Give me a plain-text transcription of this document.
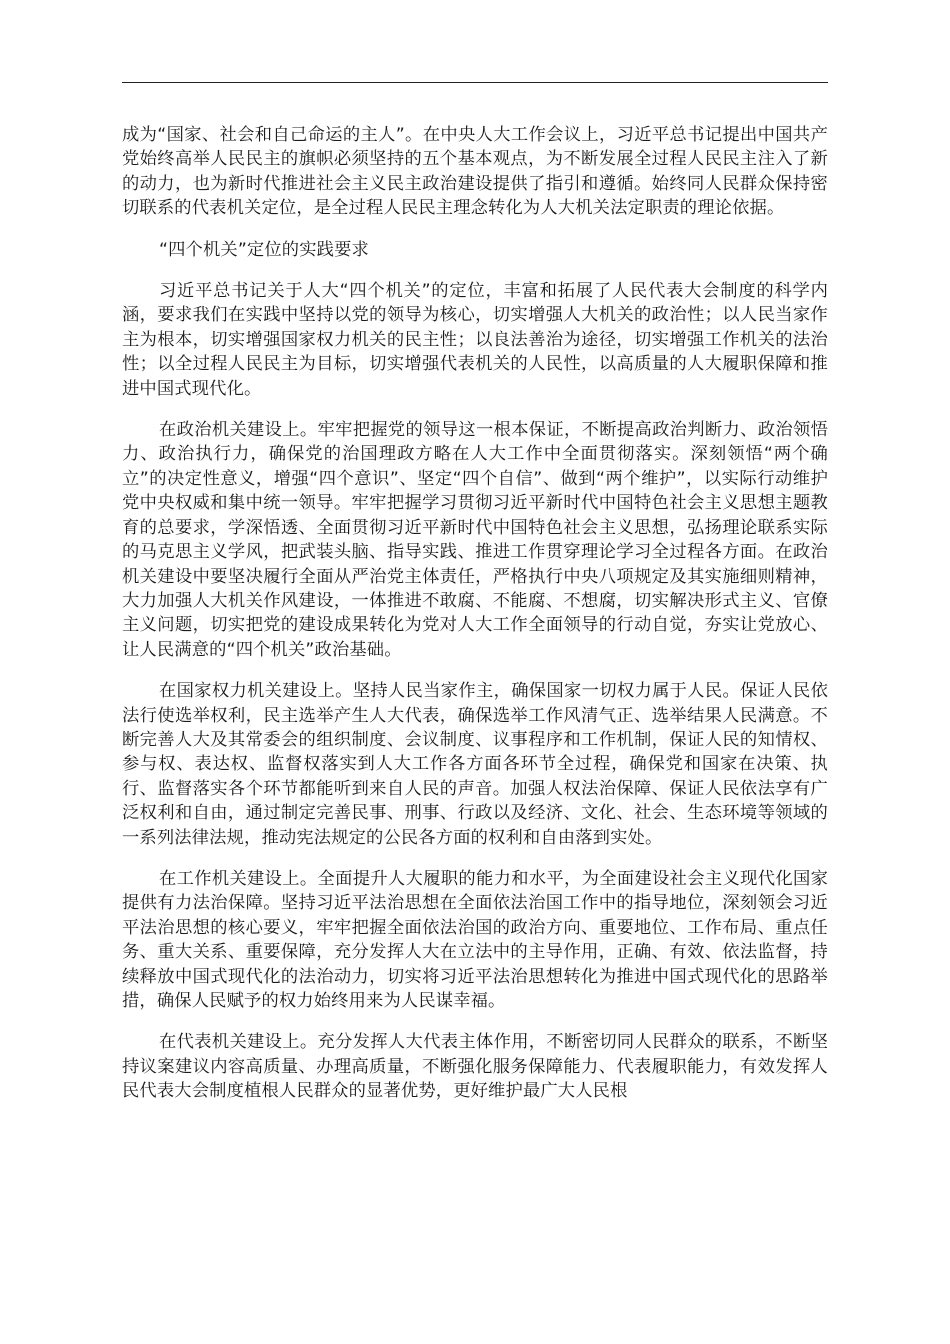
成为“国家、社会和自己命运的主人”。在中央人大工作会议上，习近平总书记提出中国共产党始终高举人民民主的旗帜必须坚持的五个基本观点，为不断发展全过程人民民主注入了新的动力，也为新时代推进社会主义民主政治建设提供了指引和遵循。始终同人民群众保持密切联系的代表机关定位，是全过程人民民主理念转化为人大机关法定职责的理论依据。

“四个机关”定位的实践要求

习近平总书记关于人大“四个机关”的定位，丰富和拓展了人民代表大会制度的科学内涵，要求我们在实践中坚持以党的领导为核心，切实增强人大机关的政治性；以人民当家作主为根本，切实增强国家权力机关的民主性；以良法善治为途径，切实增强工作机关的法治性；以全过程人民民主为目标，切实增强代表机关的人民性，以高质量的人大履职保障和推进中国式现代化。

在政治机关建设上。牢牢把握党的领导这一根本保证，不断提高政治判断力、政治领悟力、政治执行力，确保党的治国理政方略在人大工作中全面贯彻落实。深刻领悟“两个确立”的决定性意义，增强“四个意识”、坚定“四个自信”、做到“两个维护”，以实际行动维护党中央权威和集中统一领导。牢牢把握学习贯彻习近平新时代中国特色社会主义思想主题教育的总要求，学深悟透、全面贯彻习近平新时代中国特色社会主义思想，弘扬理论联系实际的马克思主义学风，把武装头脑、指导实践、推进工作贯穿理论学习全过程各方面。在政治机关建设中要坚决履行全面从严治党主体责任，严格执行中央八项规定及其实施细则精神，大力加强人大机关作风建设，一体推进不敢腐、不能腐、不想腐，切实解决形式主义、官僚主义问题，切实把党的建设成果转化为党对人大工作全面领导的行动自觉，夯实让党放心、让人民满意的“四个机关”政治基础。

在国家权力机关建设上。坚持人民当家作主，确保国家一切权力属于人民。保证人民依法行使选举权利，民主选举产生人大代表，确保选举工作风清气正、选举结果人民满意。不断完善人大及其常委会的组织制度、会议制度、议事程序和工作机制，保证人民的知情权、参与权、表达权、监督权落实到人大工作各方面各环节全过程，确保党和国家在决策、执行、监督落实各个环节都能听到来自人民的声音。加强人权法治保障、保证人民依法享有广泛权利和自由，通过制定完善民事、刑事、行政以及经济、文化、社会、生态环境等领域的一系列法律法规，推动宪法规定的公民各方面的权利和自由落到实处。

在工作机关建设上。全面提升人大履职的能力和水平，为全面建设社会主义现代化国家提供有力法治保障。坚持习近平法治思想在全面依法治国工作中的指导地位，深刻领会习近平法治思想的核心要义，牢牢把握全面依法治国的政治方向、重要地位、工作布局、重点任务、重大关系、重要保障，充分发挥人大在立法中的主导作用，正确、有效、依法监督，持续释放中国式现代化的法治动力，切实将习近平法治思想转化为推进中国式现代化的思路举措，确保人民赋予的权力始终用来为人民谋幸福。

在代表机关建设上。充分发挥人大代表主体作用，不断密切同人民群众的联系，不断坚持议案建议内容高质量、办理高质量，不断强化服务保障能力、代表履职能力，有效发挥人民代表大会制度植根人民群众的显著优势，更好维护最广大人民根
